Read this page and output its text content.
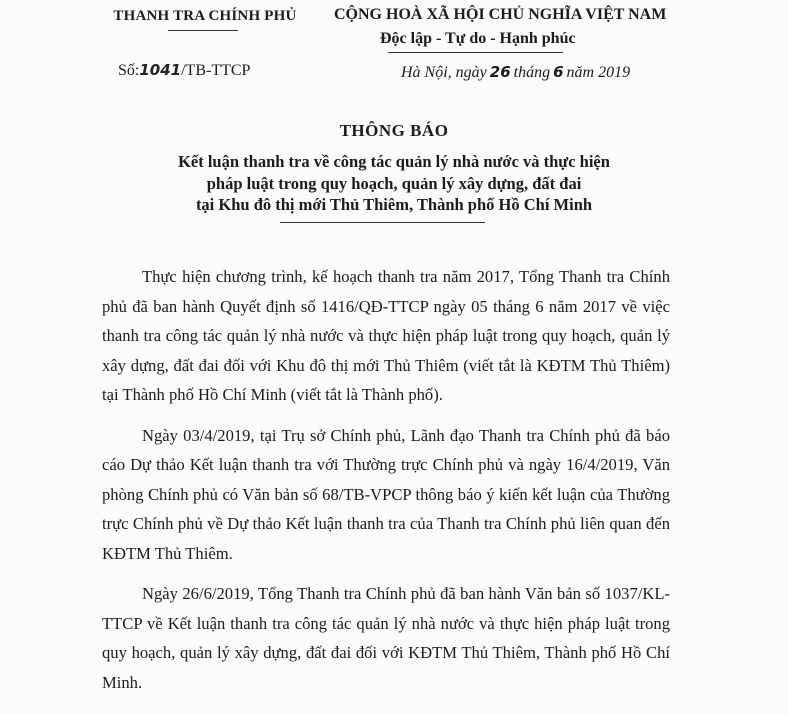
THANH TRA CHÍNH PHỦ
Số:1041/TB-TTCP
CỘNG HOÀ XÃ HỘI CHỦ NGHĨA VIỆT NAM
Độc lập - Tự do - Hạnh phúc
Hà Nội, ngày 26 tháng 6 năm 2019
THÔNG BÁO
Kết luận thanh tra về công tác quản lý nhà nước và thực hiện
pháp luật trong quy hoạch, quản lý xây dựng, đất đai
tại Khu đô thị mới Thủ Thiêm, Thành phố Hồ Chí Minh

Thực hiện chương trình, kế hoạch thanh tra năm 2017, Tổng Thanh tra Chính phủ đã ban hành Quyết định số 1416/QĐ-TTCP ngày 05 tháng 6 năm 2017 về việc thanh tra công tác quản lý nhà nước và thực hiện pháp luật trong quy hoạch, quản lý xây dựng, đất đai đối với Khu đô thị mới Thủ Thiêm (viết tắt là KĐTM Thủ Thiêm) tại Thành phố Hồ Chí Minh (viết tắt là Thành phố).

Ngày 03/4/2019, tại Trụ sở Chính phủ, Lãnh đạo Thanh tra Chính phủ đã báo cáo Dự thảo Kết luận thanh tra với Thường trực Chính phủ và ngày 16/4/2019, Văn phòng Chính phủ có Văn bản số 68/TB-VPCP thông báo ý kiến kết luận của Thường trực Chính phủ về Dự thảo Kết luận thanh tra của Thanh tra Chính phủ liên quan đến KĐTM Thủ Thiêm.

Ngày 26/6/2019, Tổng Thanh tra Chính phủ đã ban hành Văn bản số 1037/KL-TTCP về Kết luận thanh tra công tác quản lý nhà nước và thực hiện pháp luật trong quy hoạch, quản lý xây dựng, đất đai đối với KĐTM Thủ Thiêm, Thành phố Hồ Chí Minh.
